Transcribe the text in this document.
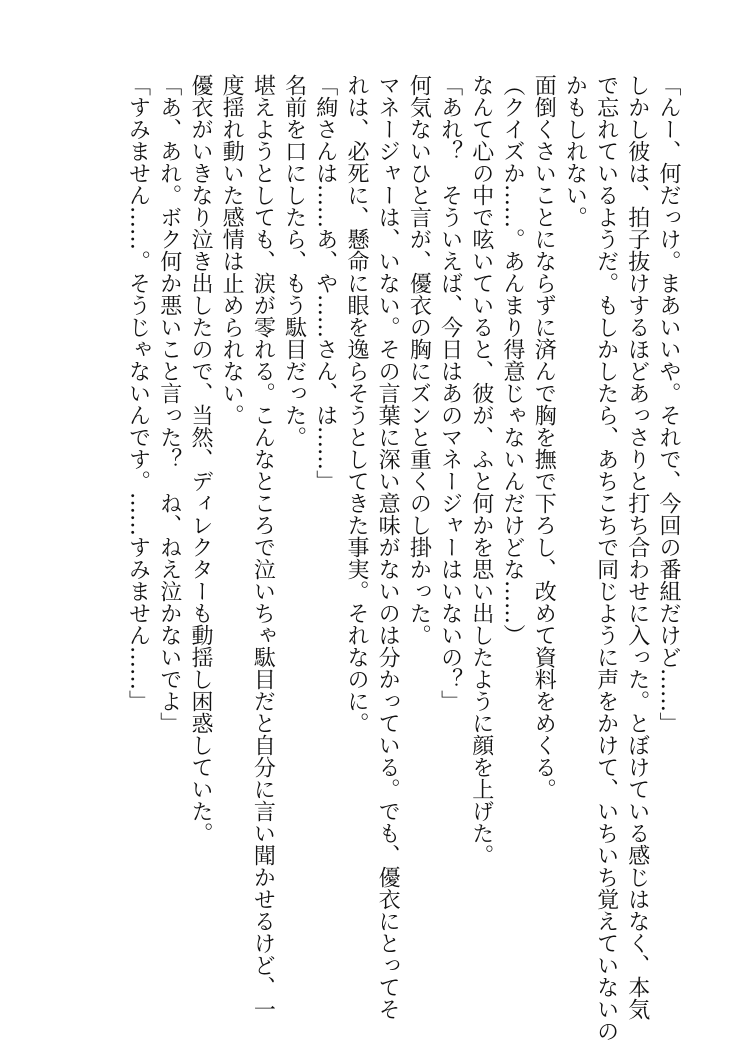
「んー、何だっけ。まあいいや。それで、今回の番組だけど……」
しかし彼は、拍子抜けするほどあっさりと打ち合わせに入った。とぼけている感じはなく、本気
で忘れているようだ。もしかしたら、あちこちで同じように声をかけて、いちいち覚えていないの
かもしれない。
面倒くさいことにならずに済んで胸を撫で下ろし、改めて資料をめくる。
（クイズか……。あんまり得意じゃないんだけどな……）
なんて心の中で呟いていると、彼が、ふと何かを思い出したように顔を上げた。
「あれ？　そういえば、今日はあのマネージャーはいないの？」
何気ないひと言が、優衣の胸にズンと重くのし掛かった。
マネージャーは、いない。その言葉に深い意味がないのは分かっている。でも、優衣にとってそ
れは、必死に、懸命に眼を逸らそうとしてきた事実。それなのに。
「絢さんは……あ、や……さん、は……」
名前を口にしたら、もう駄目だった。
堪えようとしても、涙が零れる。こんなところで泣いちゃ駄目だと自分に言い聞かせるけど、一
度揺れ動いた感情は止められない。
優衣がいきなり泣き出したので、当然、ディレクターも動揺し困惑していた。
「あ、あれ。ボク何か悪いこと言った？　ね、ねえ泣かないでよ」
「すみません……。そうじゃないんです。……すみません……」
